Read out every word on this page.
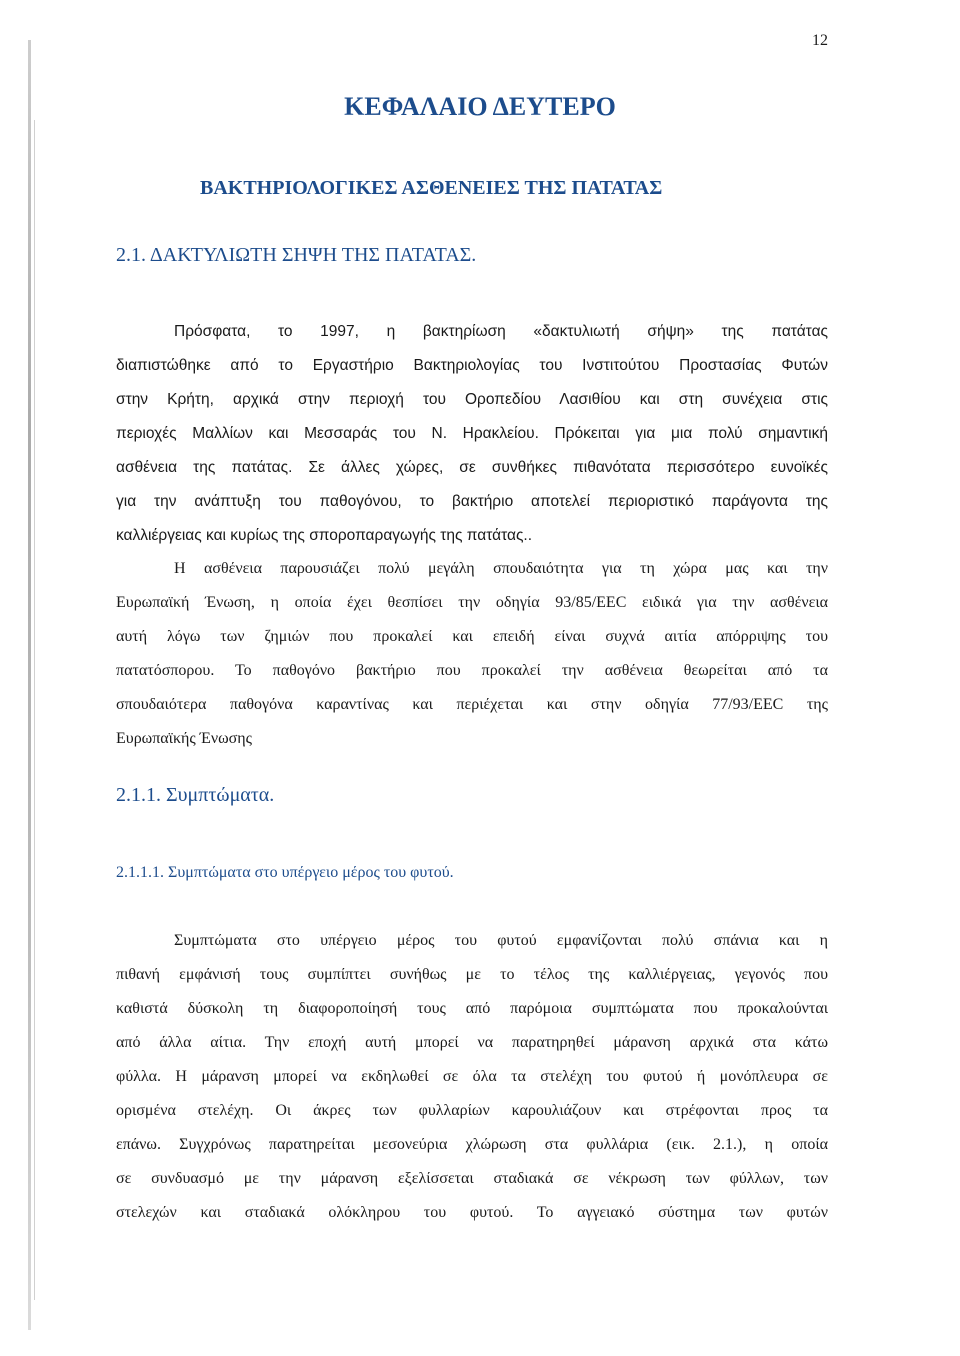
12
ΚΕΦΑΛΑΙΟ ΔΕΥΤΕΡΟ
ΒΑΚΤΗΡΙΟΛΟΓΙΚΕΣ ΑΣΘΕΝΕΙΕΣ ΤΗΣ ΠΑΤΑΤΑΣ
2.1. ΔΑΚΤΥΛΙΩΤΗ ΣΗΨΗ ΤΗΣ ΠΑΤΑΤΑΣ.
Πρόσφατα, το 1997, η βακτηρίωση «δακτυλιωτή σήψη» της πατάτας
διαπιστώθηκε από το Εργαστήριο Βακτηριολογίας του Ινστιτούτου Προστασίας Φυτών
στην Κρήτη, αρχικά στην περιοχή του Οροπεδίου Λασιθίου και στη συνέχεια στις
περιοχές Μαλλίων και Μεσσαράς του Ν. Ηρακλείου. Πρόκειται για μια πολύ σημαντική
ασθένεια της πατάτας. Σε άλλες χώρες, σε συνθήκες πιθανότατα περισσότερο ευνοϊκές
για την ανάπτυξη του παθογόνου, το βακτήριο αποτελεί περιοριστικό παράγοντα της
καλλιέργειας και κυρίως της σποροπαραγωγής της πατάτας..
Η ασθένεια παρουσιάζει πολύ μεγάλη σπουδαιότητα για τη χώρα μας και την
Ευρωπαϊκή Ένωση, η οποία έχει θεσπίσει την οδηγία 93/85/ΕΕC ειδικά για την ασθένεια
αυτή λόγω των ζημιών που προκαλεί και επειδή είναι συχνά αιτία απόρριψης του
πατατόσπορου. Το παθογόνο βακτήριο που προκαλεί την ασθένεια θεωρείται από τα
σπουδαιότερα παθογόνα καραντίνας και περιέχεται και στην οδηγία 77/93/ΕΕC της
Ευρωπαϊκής Ένωσης
2.1.1. Συμπτώματα.
2.1.1.1. Συμπτώματα στο υπέργειο μέρος του φυτού.
Συμπτώματα στο υπέργειο μέρος του φυτού εμφανίζονται πολύ σπάνια και η
πιθανή εμφάνισή τους συμπίπτει συνήθως με το τέλος της καλλιέργειας, γεγονός που
καθιστά δύσκολη τη διαφοροποίησή τους από παρόμοια συμπτώματα που προκαλούνται
από άλλα αίτια. Την εποχή αυτή μπορεί να παρατηρηθεί μάρανση αρχικά στα κάτω
φύλλα. Η μάρανση μπορεί να εκδηλωθεί σε όλα τα στελέχη του φυτού ή μονόπλευρα σε
ορισμένα στελέχη. Οι άκρες των φυλλαρίων καρουλιάζουν και στρέφονται προς τα
επάνω. Συγχρόνως παρατηρείται μεσονεύρια χλώρωση στα φυλλάρια (εικ. 2.1.), η οποία
σε συνδυασμό με την μάρανση εξελίσσεται σταδιακά σε νέκρωση των φύλλων, των
στελεχών και σταδιακά ολόκληρου του φυτού. Το αγγειακό σύστημα των φυτών
